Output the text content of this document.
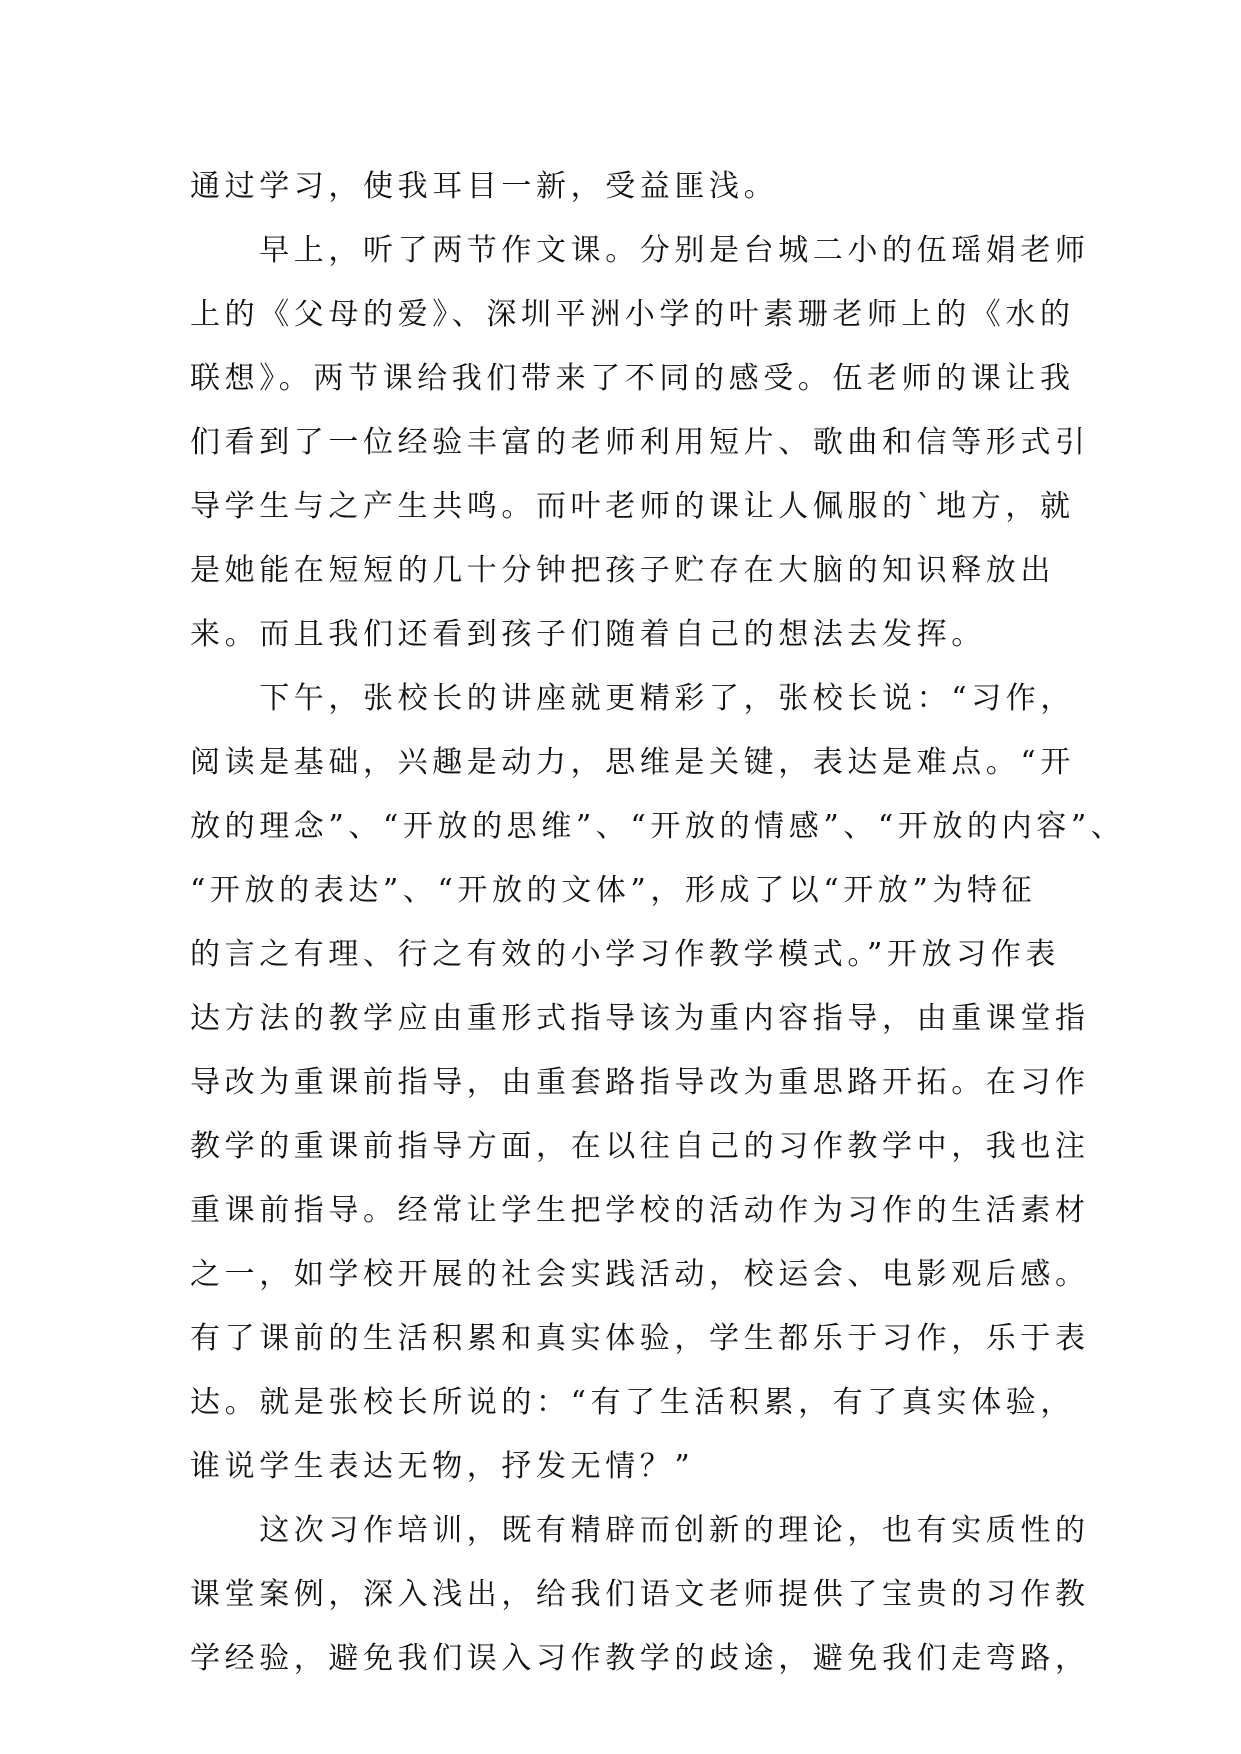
通过学习，使我耳目一新，受益匪浅。
　　早上，听了两节作文课。分别是台城二小的伍瑶娟老师
上的《父母的爱》、深圳平洲小学的叶素珊老师上的《水的
联想》。两节课给我们带来了不同的感受。伍老师的课让我
们看到了一位经验丰富的老师利用短片、歌曲和信等形式引
导学生与之产生共鸣。而叶老师的课让人佩服的`地方，就
是她能在短短的几十分钟把孩子贮存在大脑的知识释放出
来。而且我们还看到孩子们随着自己的想法去发挥。
　　下午，张校长的讲座就更精彩了，张校长说：“习作，
阅读是基础，兴趣是动力，思维是关键，表达是难点。“开
放的理念”、“开放的思维”、“开放的情感”、“开放的内容”、
“开放的表达”、“开放的文体”，形成了以“开放”为特征
的言之有理、行之有效的小学习作教学模式。”开放习作表
达方法的教学应由重形式指导该为重内容指导，由重课堂指
导改为重课前指导，由重套路指导改为重思路开拓。在习作
教学的重课前指导方面，在以往自己的习作教学中，我也注
重课前指导。经常让学生把学校的活动作为习作的生活素材
之一，如学校开展的社会实践活动，校运会、电影观后感。
有了课前的生活积累和真实体验，学生都乐于习作，乐于表
达。就是张校长所说的：“有了生活积累，有了真实体验，
谁说学生表达无物，抒发无情？”
　　这次习作培训，既有精辟而创新的理论，也有实质性的
课堂案例，深入浅出，给我们语文老师提供了宝贵的习作教
学经验，避免我们误入习作教学的歧途，避免我们走弯路，
